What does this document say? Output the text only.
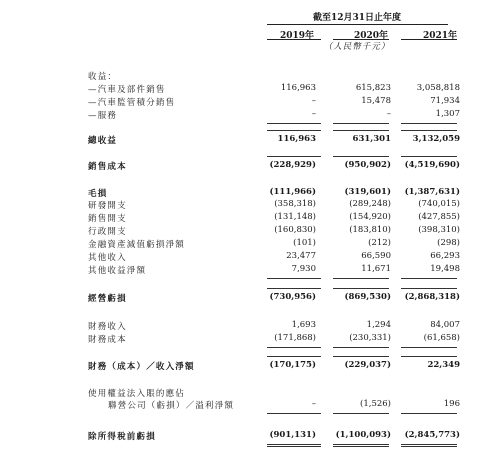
截至12月31日止年度
2019年	2020年	2021年
（人民幣千元）
收益：
—汽車及部件銷售	116,963	615,823	3,058,818
—汽車監管積分銷售	–	15,478	71,934
—服務	–	–	1,307
總收益	116,963	631,301	3,132,059
銷售成本	(228,929)	(950,902)	(4,519,690)
毛損	(111,966)	(319,601)	(1,387,631)
研發開支	(358,318)	(289,248)	(740,015)
銷售開支	(131,148)	(154,920)	(427,855)
行政開支	(160,830)	(183,810)	(398,310)
金融資產減值虧損淨額	(101)	(212)	(298)
其他收入	23,477	66,590	66,293
其他收益淨額	7,930	11,671	19,498
經營虧損	(730,956)	(869,530)	(2,868,318)
財務收入	1,693	1,294	84,007
財務成本	(171,868)	(230,331)	(61,658)
財務（成本）／收入淨額	(170,175)	(229,037)	22,349
使用權益法入賬的應佔
聯營公司（虧損）／溢利淨額	–	(1,526)	196
除所得稅前虧損	(901,131)	(1,100,093)	(2,845,773)
